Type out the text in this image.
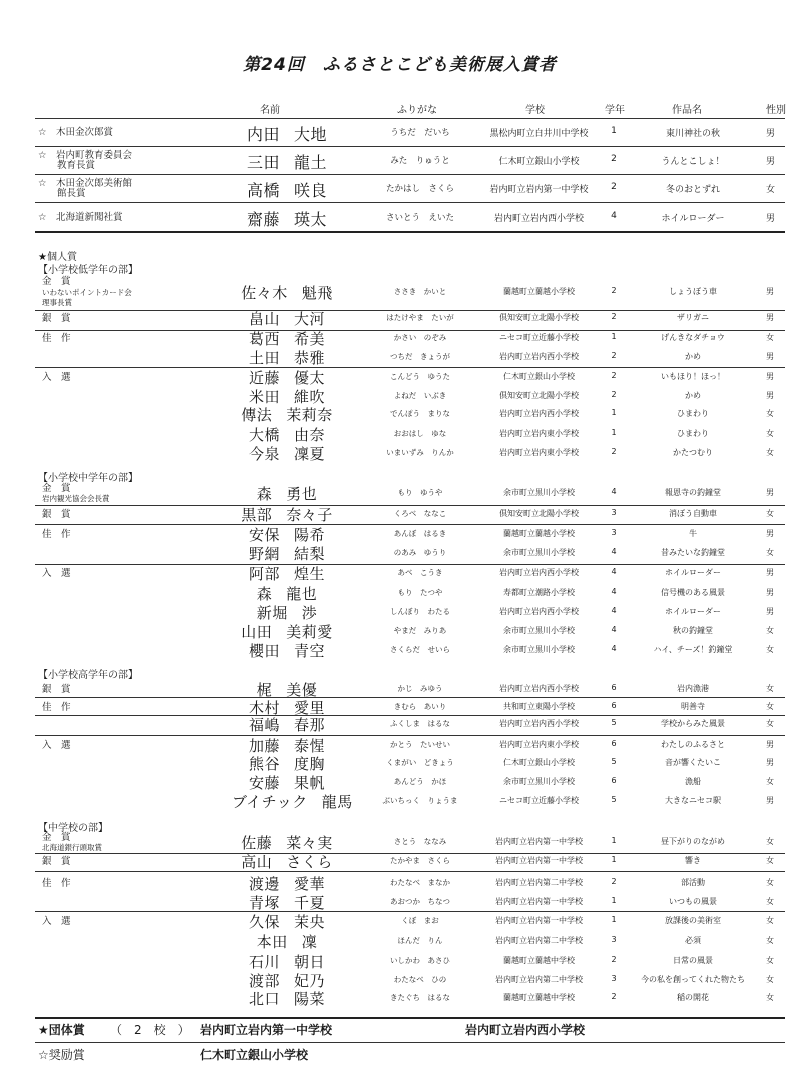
第24回　ふるさとこども美術展入賞者
名前	ふりがな	学校	学年	作品名	性別
☆　木田金次郎賞	内田 大地	うちだ　だいち	黒松内町立白井川中学校	1	東川神社の秋	男
☆　岩内町教育委員会
　　教育長賞	三田 龍土	みた　りゅうと	仁木町立銀山小学校	2	うんとこしょ！	男
☆　木田金次郎美術館
　　館長賞	高橋 咲良	たかはし　さくら	岩内町立岩内第一中学校	2	冬のおとずれ	女
☆　北海道新聞社賞	齋藤 瑛太	さいとう　えいた	岩内町立岩内西小学校	4	ホイルローダー	男
★個人賞
【小学校低学年の部】
金　賞
いわないポイントカード会
理事長賞
佐々木 魁飛	ささき　かいと	蘭越町立蘭越小学校	2	しょうぼう車	男
銀　賞	畠山 大河	はたけやま　たいが	倶知安町立北陽小学校	2	ザリガニ	男
佳　作	葛西 希美	かさい　のぞみ	ニセコ町立近藤小学校	1	げんきなダチョウ	女
土田 恭雅	つちだ　きょうが	岩内町立岩内西小学校	2	かめ	男
入　選	近藤 優太	こんどう　ゆうた	仁木町立銀山小学校	2	いもほり！ほっ！	男
米田 維吹	よねだ　いぶき	倶知安町立北陽小学校	2	かめ	男
傳法 茉莉奈	でんぽう　まりな	岩内町立岩内西小学校	1	ひまわり	女
大橋 由奈	おおはし　ゆな	岩内町立岩内東小学校	1	ひまわり	女
今泉 凜夏	いまいずみ　りんか	岩内町立岩内東小学校	2	かたつむり	女
【小学校中学年の部】
金　賞
岩内観光協会会長賞	森 勇也	もり　ゆうや	余市町立黒川小学校	4	報恩寺の釣鐘堂	男
銀　賞	黒部 奈々子	くろべ　ななこ	倶知安町立北陽小学校	3	消ぼう自動車	女
佳　作	安保 陽希	あんぼ　はるき	蘭越町立蘭越小学校	3	牛	男
野網 結梨	のあみ　ゆうり	余市町立黒川小学校	4	昔みたいな釣鐘堂	女
入　選	阿部 煌生	あべ　こうき	岩内町立岩内西小学校	4	ホイルローダー	男
森 龍也	もり　たつや	寿都町立潮路小学校	4	信号機のある風景	男
新堀 渉	しんぼり　わたる	岩内町立岩内西小学校	4	ホイルローダー	男
山田 美莉愛	やまだ　みりあ	余市町立黒川小学校	4	秋の釣鐘堂	女
櫻田 青空	さくらだ　せいら	余市町立黒川小学校	4	ハイ、チーズ！釣鐘堂	女
【小学校高学年の部】
銀　賞	梶 美優	かじ　みゆう	岩内町立岩内西小学校	6	岩内漁港	女
佳　作	木村 愛里	きむら　あいり	共和町立東陽小学校	6	明善寺	女
福嶋 春那	ふくしま　はるな	岩内町立岩内西小学校	5	学校からみた風景	女
入　選	加藤 泰惺	かとう　たいせい	岩内町立岩内東小学校	6	わたしのふるさと	男
熊谷 度胸	くまがい　どきょう	仁木町立銀山小学校	5	音が響くたいこ	男
安藤 果帆	あんどう　かほ	余市町立黒川小学校	6	漁船	女
ブイチック 龍馬	ぶいちっく　りょうま	ニセコ町立近藤小学校	5	大きなニセコ駅	男
【中学校の部】
金　賞
北海道銀行頭取賞	佐藤 菜々実	さとう　ななみ	岩内町立岩内第一中学校	1	昼下がりのながめ	女
銀　賞	高山 さくら	たかやま　さくら	岩内町立岩内第一中学校	1	響き	女
佳　作	渡邊 愛華	わたなべ　まなか	岩内町立岩内第二中学校	2	部活動	女
青塚 千夏	あおつか　ちなつ	岩内町立岩内第一中学校	1	いつもの風景	女
入　選	久保 茉央	くぼ　まお	岩内町立岩内第一中学校	1	放課後の美術室	女
本田 凜	ほんだ　りん	岩内町立岩内第二中学校	3	必須	女
石川 朝日	いしかわ　あさひ	蘭越町立蘭越中学校	2	日常の風景	女
渡部 妃乃	わたなべ　ひの	岩内町立岩内第二中学校	3	今の私を創ってくれた物たち	女
北口 陽菜	きたぐち　はるな	蘭越町立蘭越中学校	2	稲の開花	女
★団体賞 （　2　校　） 岩内町立岩内第一中学校	岩内町立岩内西小学校
☆奨励賞	仁木町立銀山小学校
